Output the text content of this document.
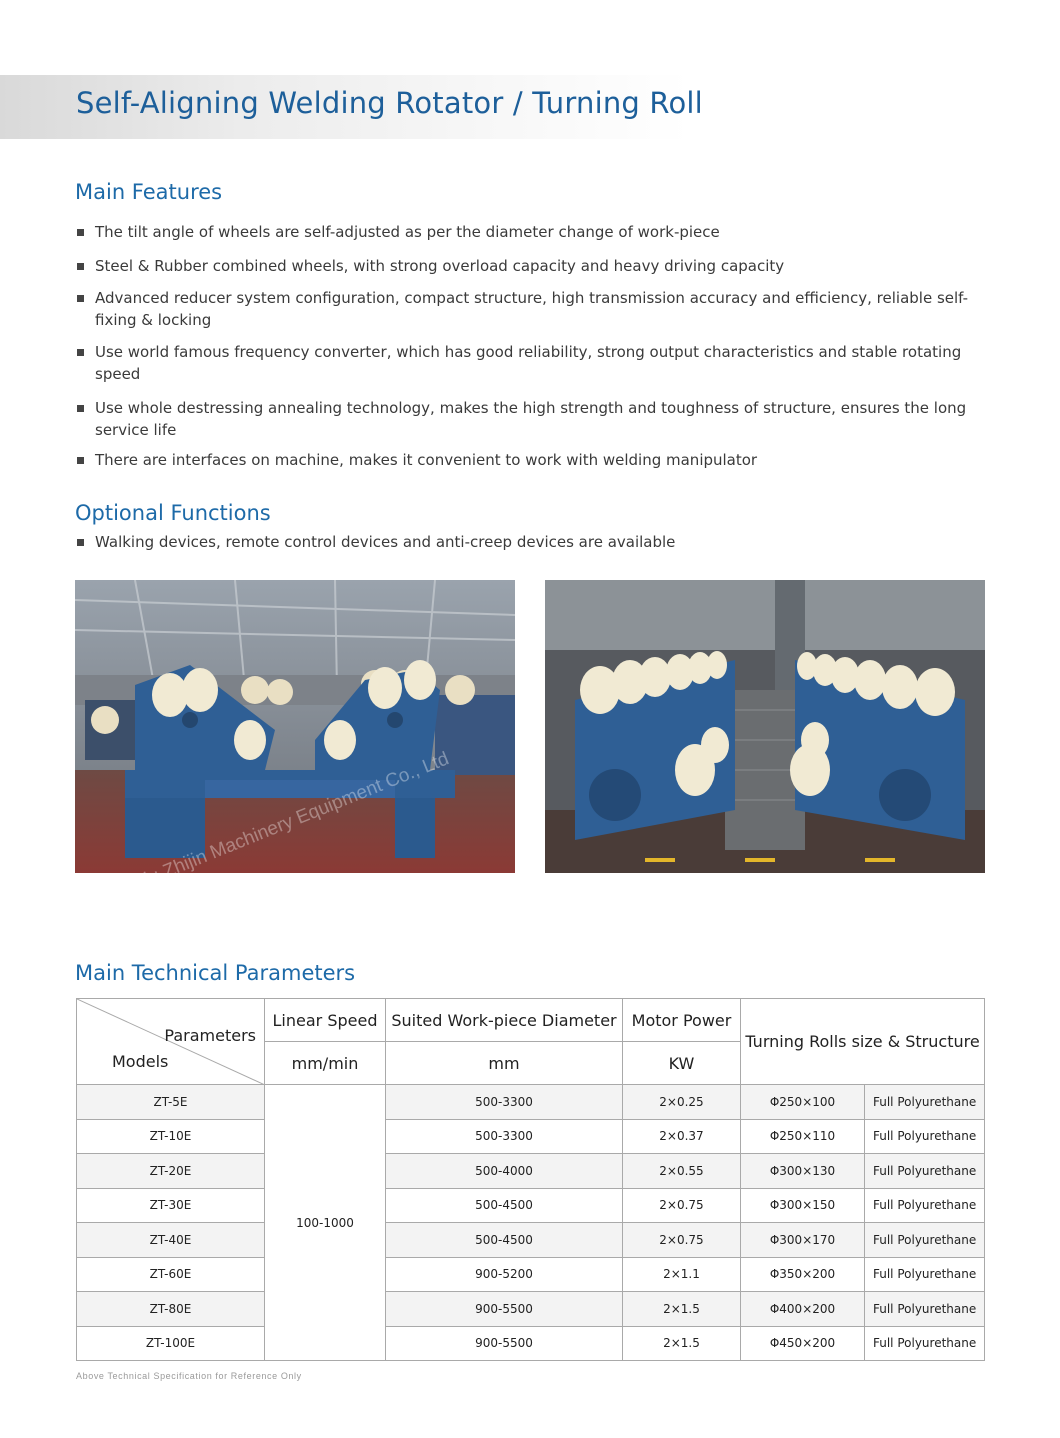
Self-Aligning Welding Rotator / Turning Roll
Main Features
The tilt angle of wheels are self-adjusted as per the diameter change of work-piece
Steel & Rubber combined wheels, with strong overload capacity and heavy driving capacity
Advanced reducer system configuration, compact structure, high transmission accuracy and efficiency, reliable self-fixing & locking
Use world famous frequency converter, which has good reliability, strong output characteristics and stable rotating speed
Use whole destressing annealing technology, makes the high strength and toughness of structure, ensures the long service life
There are interfaces on machine, makes it convenient to work with welding manipulator
Optional Functions
Walking devices, remote control devices and anti-creep devices are available
Main Technical Parameters
Parameters
Models	Linear Speed	Suited Work-piece Diameter	Motor Power	Turning Rolls size & Structure	
	mm/min	mm	KW		
ZT-5E	100-1000	500-3300	2×0.25	Φ250×100	Full Polyurethane
ZT-10E		500-3300	2×0.37	Φ250×110	Full Polyurethane
ZT-20E		500-4000	2×0.55	Φ300×130	Full Polyurethane
ZT-30E		500-4500	2×0.75	Φ300×150	Full Polyurethane
ZT-40E		500-4500	2×0.75	Φ300×170	Full Polyurethane
ZT-60E		900-5200	2×1.1	Φ350×200	Full Polyurethane
ZT-80E		900-5500	2×1.5	Φ400×200	Full Polyurethane
ZT-100E		900-5500	2×1.5	Φ450×200	Full Polyurethane
Above Technical Specification for Reference Only
